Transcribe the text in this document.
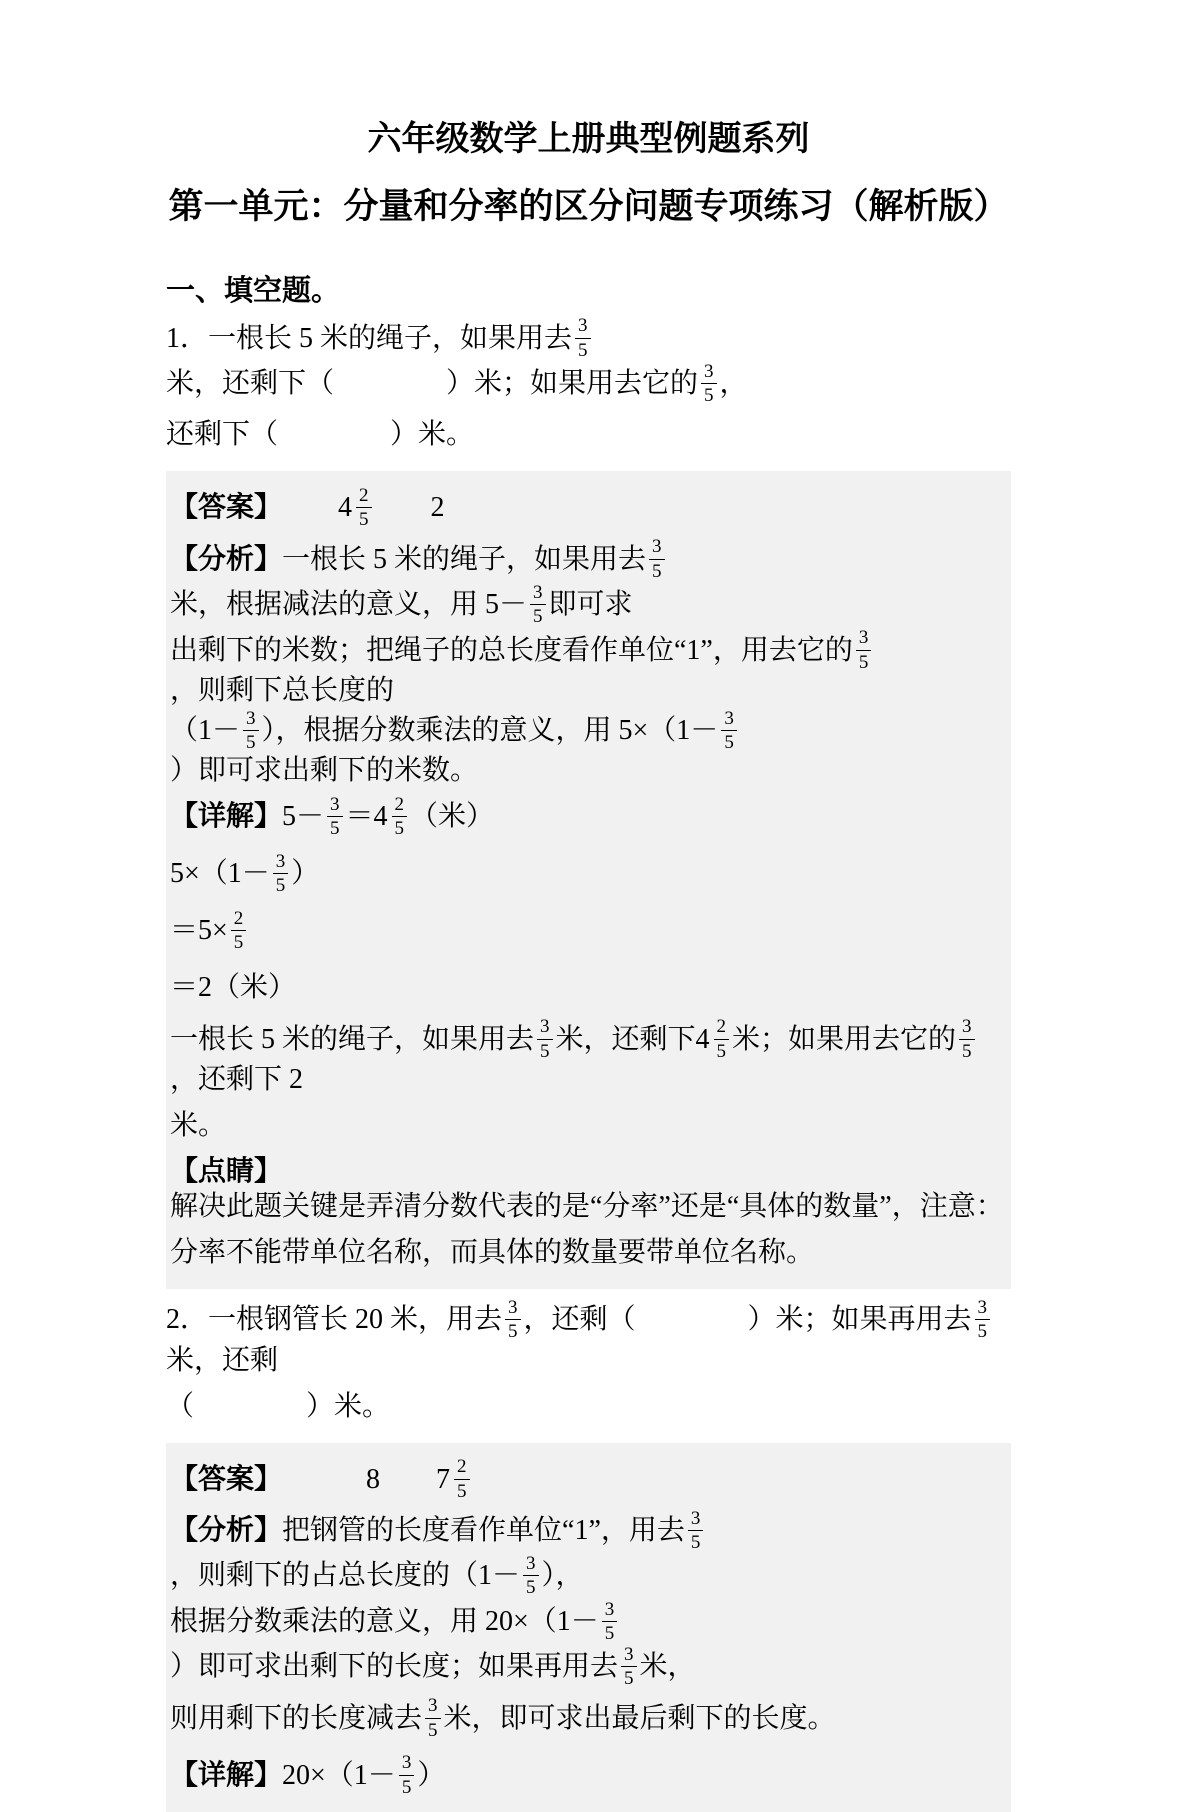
六年级数学上册典型例题系列
第一单元：分量和分率的区分问题专项练习（解析版）
一、填空题。
1．一根长 5 米的绳子，如果用去 $\frac{3}{5}$
米，还剩下（　　　　）米；如果用去它的 $\frac{3}{5}$ ，
还剩下（　　　　）米。
【答案】
　　 $4 \frac{2}{5}$ 　　2
【分析】 一根长 5 米的绳子，如果用去 $\frac{3}{5}$
米，根据减法的意义，用 $5- \frac{3}{5}$ 即可求
出剩下的米数；把绳子的总长度看作单位“1”，用去它的 $\frac{3}{5}$
，则剩下总长度的
（$1- \frac{3}{5}$ ），根据分数乘法的意义，用 $5\times(1- \frac{3}{5}$
）即可求出剩下的米数。
【详解】 $5- \frac{3}{5} = 4 \frac{2}{5}$ （米）
$5\times(1- \frac{3}{5}$ ）
$=5\times \frac{2}{5}$
＝2（米）
一根长 5 米的绳子，如果用去 $\frac{3}{5}$ 米，还剩下 $4 \frac{2}{5}$ 米；如果用去它的 $\frac{3}{5}$
，还剩下 2
米。
【点睛】
解决此题关键是弄清分数代表的是“分率”还是“具体的数量”，注意：
分率不能带单位名称，而具体的数量要带单位名称。
2．一根钢管长 20 米，用去 $\frac{3}{5}$ ，还剩（　　　　）米；如果再用去 $\frac{3}{5}$
米，还剩
（　　　　）米。
【答案】 　　　8　　 $7 \frac{2}{5}$
【分析】 把钢管的长度看作单位“1”，用去 $\frac{3}{5}$
，则剩下的占总长度的（$1- \frac{3}{5}$ ），
根据分数乘法的意义，用 $20\times(1- \frac{3}{5}$
）即可求出剩下的长度；如果再用去 $\frac{3}{5}$ 米，
则用剩下的长度减去 $\frac{3}{5}$ 米，即可求出最后剩下的长度。
【详解】 $20\times(1- \frac{3}{5}$ ）
